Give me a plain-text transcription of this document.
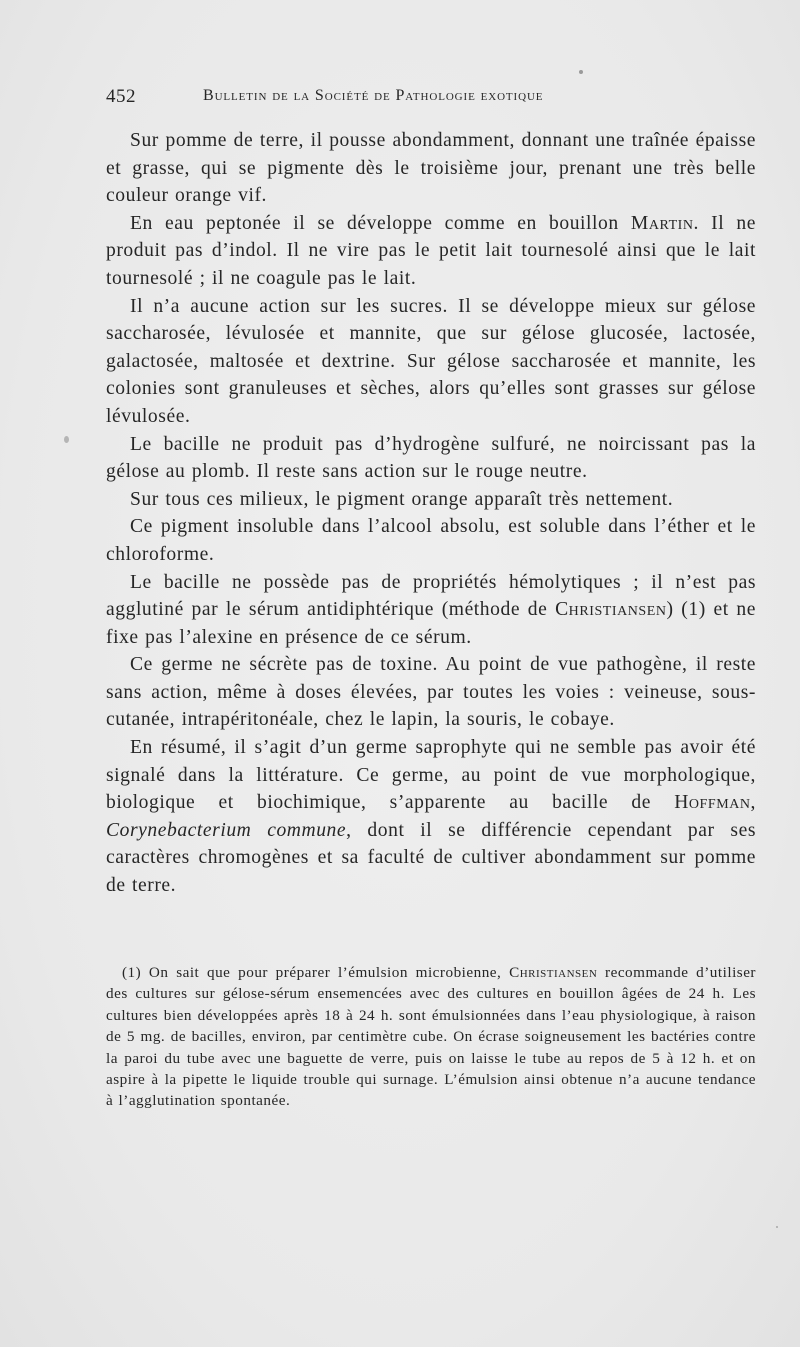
452	Bulletin de la Société de Pathologie exotique

Sur pomme de terre, il pousse abondamment, donnant une traînée épaisse et grasse, qui se pigmente dès le troisième jour, prenant une très belle couleur orange vif.

En eau peptonée il se développe comme en bouillon Martin. Il ne produit pas d’indol. Il ne vire pas le petit lait tournesolé ainsi que le lait tournesolé ; il ne coagule pas le lait.

Il n’a aucune action sur les sucres. Il se développe mieux sur gélose saccharosée, lévulosée et mannite, que sur gélose glucosée, lactosée, galactosée, maltosée et dextrine. Sur gélose saccharosée et mannite, les colonies sont granuleuses et sèches, alors qu’elles sont grasses sur gélose lévulosée.

Le bacille ne produit pas d’hydrogène sulfuré, ne noircissant pas la gélose au plomb. Il reste sans action sur le rouge neutre.

Sur tous ces milieux, le pigment orange apparaît très nettement.

Ce pigment insoluble dans l’alcool absolu, est soluble dans l’éther et le chloroforme.

Le bacille ne possède pas de propriétés hémolytiques ; il n’est pas agglutiné par le sérum antidiphtérique (méthode de Christiansen) (1) et ne fixe pas l’alexine en présence de ce sérum.

Ce germe ne sécrète pas de toxine. Au point de vue pathogène, il reste sans action, même à doses élevées, par toutes les voies : veineuse, sous-cutanée, intrapéritonéale, chez le lapin, la souris, le cobaye.

En résumé, il s’agit d’un germe saprophyte qui ne semble pas avoir été signalé dans la littérature. Ce germe, au point de vue morphologique, biologique et biochimique, s’apparente au bacille de Hoffman, Corynebacterium commune, dont il se différencie cependant par ses caractères chromogènes et sa faculté de cultiver abondamment sur pomme de terre.

(1) On sait que pour préparer l’émulsion microbienne, Christiansen recommande d’utiliser des cultures sur gélose-sérum ensemencées avec des cultures en bouillon âgées de 24 h. Les cultures bien développées après 18 à 24 h. sont émulsionnées dans l’eau physiologique, à raison de 5 mg. de bacilles, environ, par centimètre cube. On écrase soigneusement les bactéries contre la paroi du tube avec une baguette de verre, puis on laisse le tube au repos de 5 à 12 h. et on aspire à la pipette le liquide trouble qui surnage. L’émulsion ainsi obtenue n’a aucune tendance à l’agglutination spontanée.
